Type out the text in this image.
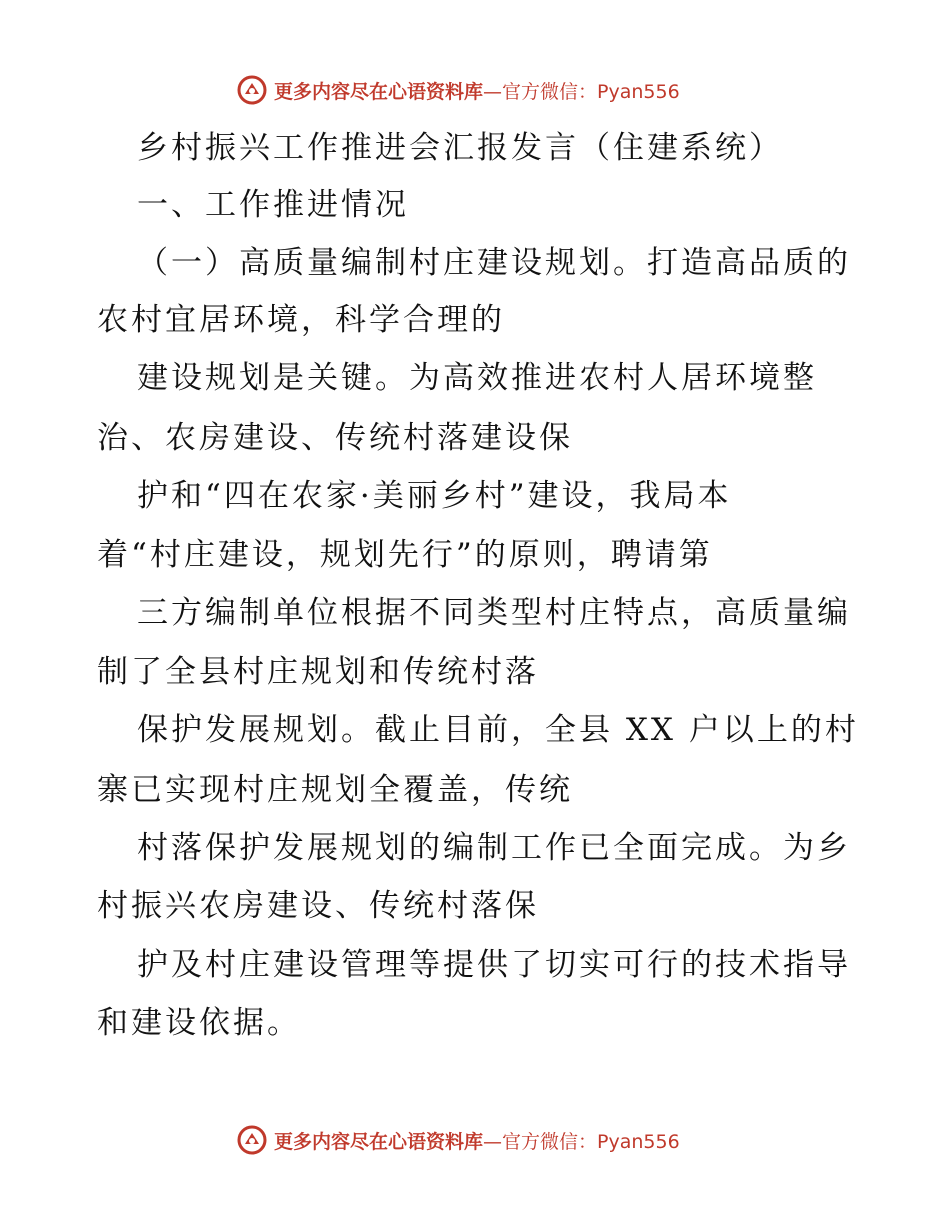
更多内容尽在心语资料库 —官方微信：Pyan556
乡村振兴工作推进会汇报发言（住建系统）
一、工作推进情况
（一）高质量编制村庄建设规划。打造高品质的
农村宜居环境，科学合理的
建设规划是关键。为高效推进农村人居环境整
治、农房建设、传统村落建设保
护和“四在农家·美丽乡村”建设，我局本
着“村庄建设，规划先行”的原则，聘请第
三方编制单位根据不同类型村庄特点，高质量编
制了全县村庄规划和传统村落
保护发展规划。截止目前，全县 XX 户以上的村
寨已实现村庄规划全覆盖，传统
村落保护发展规划的编制工作已全面完成。为乡
村振兴农房建设、传统村落保
护及村庄建设管理等提供了切实可行的技术指导
和建设依据。
更多内容尽在心语资料库 —官方微信：Pyan556
